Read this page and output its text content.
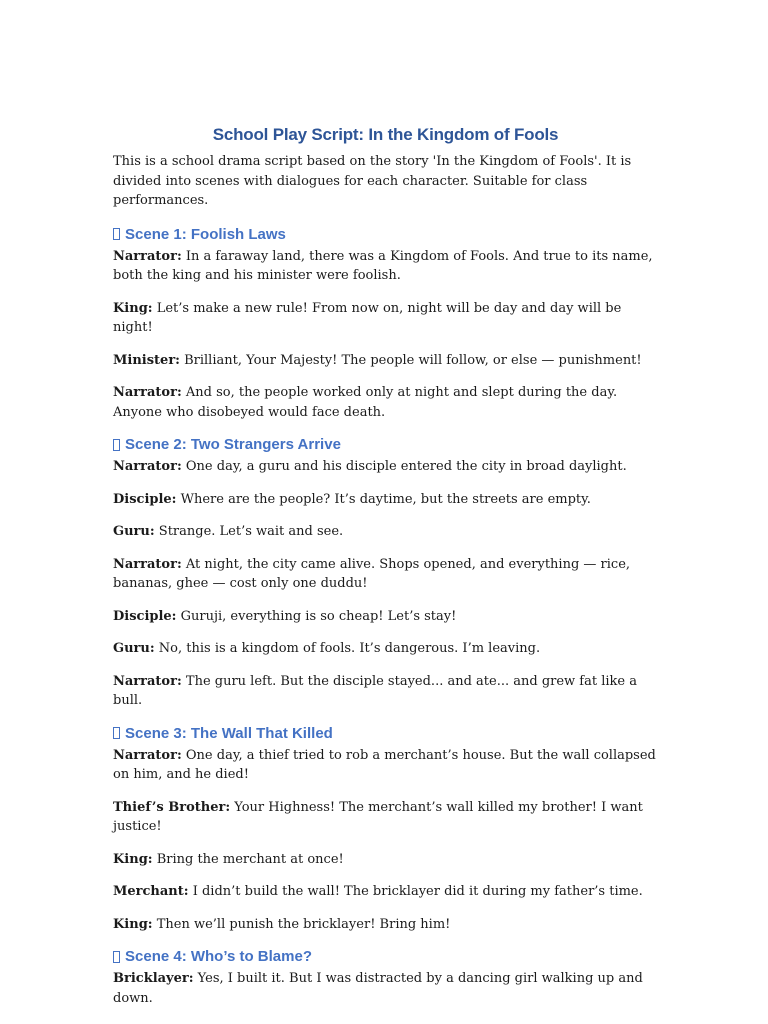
School Play Script: In the Kingdom of Fools

This is a school drama script based on the story 'In the Kingdom of Fools'. It is divided into scenes with dialogues for each character. Suitable for class performances.

Scene 1: Foolish Laws

Narrator: In a faraway land, there was a Kingdom of Fools. And true to its name, both the king and his minister were foolish.

King: Let’s make a new rule! From now on, night will be day and day will be night!

Minister: Brilliant, Your Majesty! The people will follow, or else — punishment!

Narrator: And so, the people worked only at night and slept during the day. Anyone who disobeyed would face death.

Scene 2: Two Strangers Arrive

Narrator: One day, a guru and his disciple entered the city in broad daylight.

Disciple: Where are the people? It’s daytime, but the streets are empty.

Guru: Strange. Let’s wait and see.

Narrator: At night, the city came alive. Shops opened, and everything — rice, bananas, ghee — cost only one duddu!

Disciple: Guruji, everything is so cheap! Let’s stay!

Guru: No, this is a kingdom of fools. It’s dangerous. I’m leaving.

Narrator: The guru left. But the disciple stayed... and ate... and grew fat like a bull.

Scene 3: The Wall That Killed

Narrator: One day, a thief tried to rob a merchant’s house. But the wall collapsed on him, and he died!

Thief’s Brother: Your Highness! The merchant’s wall killed my brother! I want justice!

King: Bring the merchant at once!

Merchant: I didn’t build the wall! The bricklayer did it during my father’s time.

King: Then we’ll punish the bricklayer! Bring him!

Scene 4: Who’s to Blame?

Bricklayer: Yes, I built it. But I was distracted by a dancing girl walking up and down.
